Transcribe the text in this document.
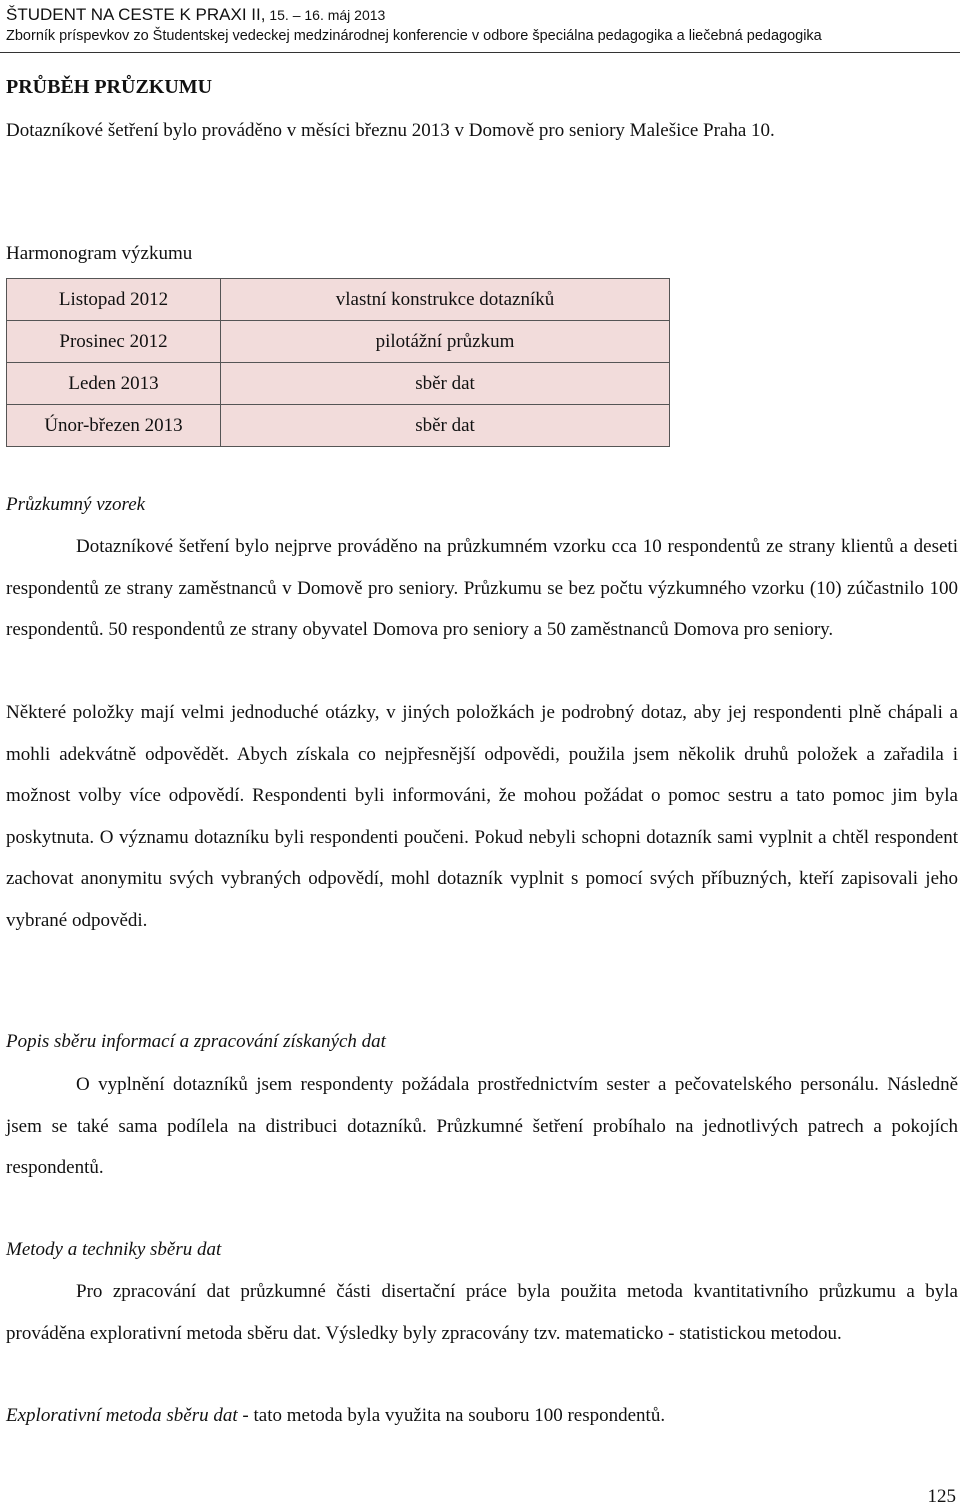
ŠTUDENT NA CESTE K PRAXI II, 15. – 16. máj 2013
Zborník príspevkov zo Študentskej vedeckej medzinárodnej konferencie v odbore špeciálna pedagogika a liečebná pedagogika
PRŮBĚH PRŮZKUMU

Dotazníkové šetření bylo prováděno v měsíci březnu 2013 v Domově pro seniory Malešice Praha 10.

Harmonogram výzkumu

Listopad 2012	vlastní konstrukce dotazníků
Prosinec 2012	pilotážní průzkum
Leden 2013	sběr dat
Únor-březen 2013	sběr dat

Průzkumný vzorek

Dotazníkové šetření bylo nejprve prováděno na průzkumném vzorku cca 10 respondentů ze strany klientů a deseti respondentů ze strany zaměstnanců v Domově pro seniory. Průzkumu se bez počtu výzkumného vzorku (10) zúčastnilo 100 respondentů. 50 respondentů ze strany obyvatel Domova pro seniory a 50 zaměstnanců Domova pro seniory.

Některé položky mají velmi jednoduché otázky, v jiných položkách je podrobný dotaz, aby jej respondenti plně chápali a mohli adekvátně odpovědět. Abych získala co nejpřesnější odpovědi, použila jsem několik druhů položek a zařadila i možnost volby více odpovědí. Respondenti byli informováni, že mohou požádat o pomoc sestru a tato pomoc jim byla poskytnuta. O významu dotazníku byli respondenti poučeni. Pokud nebyli schopni dotazník sami vyplnit a chtěl respondent zachovat anonymitu svých vybraných odpovědí, mohl dotazník vyplnit s pomocí svých příbuzných, kteří zapisovali jeho vybrané odpovědi.

Popis sběru informací a zpracování získaných dat

O vyplnění dotazníků jsem respondenty požádala prostřednictvím sester a pečovatelského personálu. Následně jsem se také sama podílela na distribuci dotazníků. Průzkumné šetření probíhalo na jednotlivých patrech a pokojích respondentů.

Metody a techniky sběru dat

Pro zpracování dat průzkumné části disertační práce byla použita metoda kvantitativního průzkumu a byla prováděna explorativní metoda sběru dat. Výsledky byly zpracovány tzv. matematicko - statistickou metodou.

Explorativní metoda sběru dat - tato metoda byla využita na souboru 100 respondentů.

125
